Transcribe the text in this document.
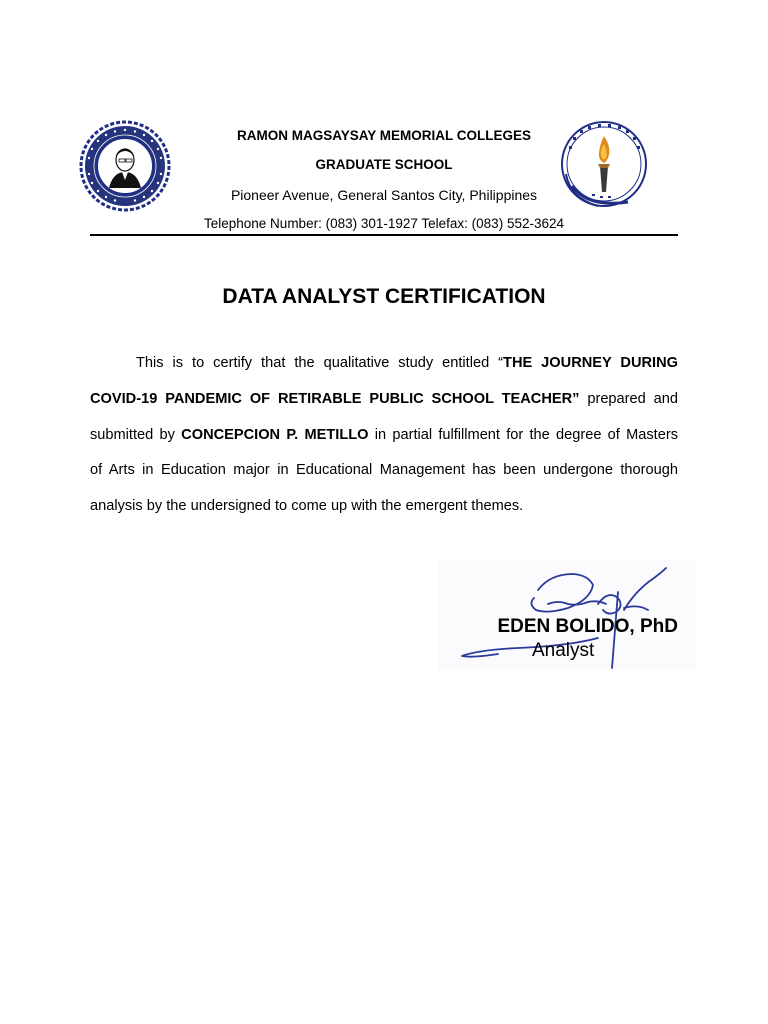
RAMON MAGSAYSAY MEMORIAL COLLEGES
GRADUATE SCHOOL
Pioneer Avenue, General Santos City, Philippines
Telephone Number: (083) 301-1927 Telefax: (083) 552-3624
DATA ANALYST CERTIFICATION
This is to certify that the qualitative study entitled “THE JOURNEY DURING
COVID-19 PANDEMIC OF RETIRABLE PUBLIC SCHOOL TEACHER” prepared and
submitted by CONCEPCION P. METILLO in partial fulfillment for the degree of Masters
of Arts in Education major in Educational Management has been undergone thorough
analysis by the undersigned to come up with the emergent themes.
EDEN BOLIDO, PhD
Analyst
